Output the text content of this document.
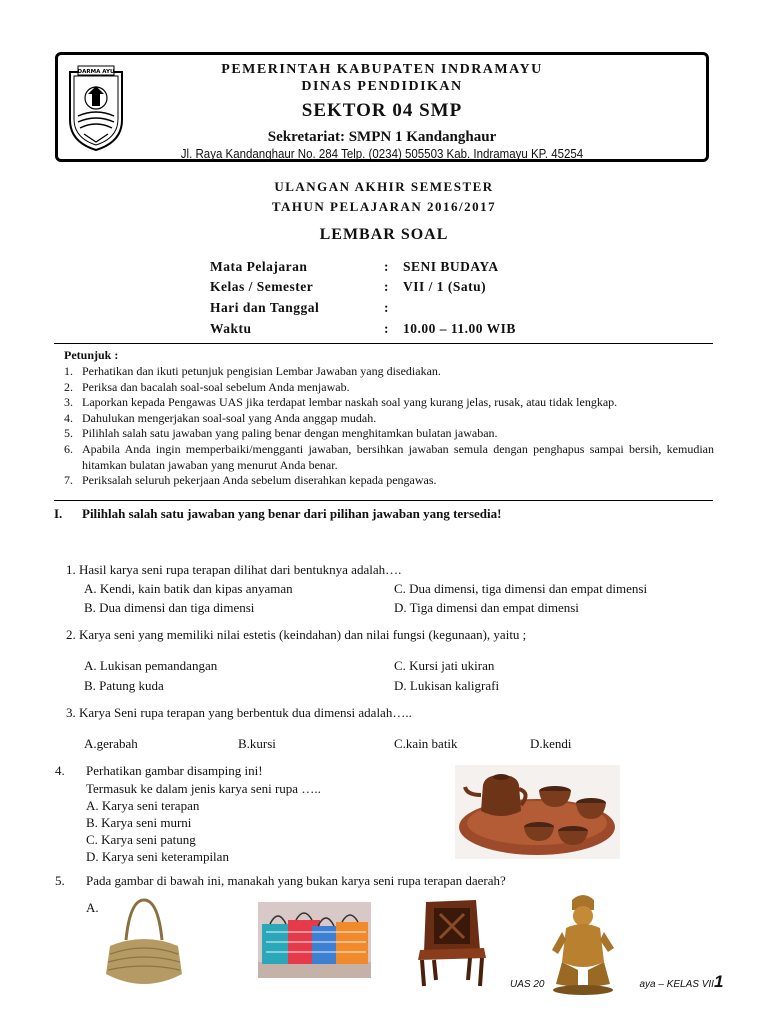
DARMA AYU	PEMERINTAH KABUPATEN INDRAMAYU
DINAS PENDIDIKAN
SEKTOR 04 SMP
Sekretariat: SMPN 1 Kandanghaur
Jl. Raya Kandanghaur No. 284 Telp. (0234) 505503 Kab. Indramayu KP. 45254
ULANGAN AKHIR SEMESTER
TAHUN PELAJARAN 2016/2017
LEMBAR SOAL
Mata Pelajaran	: SENI BUDAYA
Kelas / Semester	: VII / 1 (Satu)
Hari dan Tanggal	:
Waktu	: 10.00 – 11.00 WIB
Petunjuk :
1. Perhatikan dan ikuti petunjuk pengisian Lembar Jawaban yang disediakan.
2. Periksa dan bacalah soal-soal sebelum Anda menjawab.
3. Laporkan kepada Pengawas UAS jika terdapat lembar naskah soal yang kurang jelas, rusak, atau tidak lengkap.
4. Dahulukan mengerjakan soal-soal yang Anda anggap mudah.
5. Pilihlah salah satu jawaban yang paling benar dengan menghitamkan bulatan jawaban.
6. Apabila Anda ingin memperbaiki/mengganti jawaban, bersihkan jawaban semula dengan penghapus sampai bersih, kemudian hitamkan bulatan jawaban yang menurut Anda benar.
7. Periksalah seluruh pekerjaan Anda sebelum diserahkan kepada pengawas.
I. Pilihlah salah satu jawaban yang benar dari pilihan jawaban yang tersedia!
1. Hasil karya seni rupa terapan dilihat dari bentuknya adalah….
A. Kendi, kain batik dan kipas anyaman
B. Dua dimensi dan tiga dimensi
C. Dua dimensi, tiga dimensi dan empat dimensi
D. Tiga dimensi dan empat dimensi
2. Karya seni yang memiliki nilai estetis (keindahan) dan nilai fungsi (kegunaan), yaitu ;
A. Lukisan pemandangan
B. Patung kuda
C. Kursi jati ukiran
D. Lukisan kaligrafi
3. Karya Seni rupa terapan yang berbentuk dua dimensi adalah…..
A.gerabah	B.kursi	C.kain batik	D.kendi
4. Perhatikan gambar disamping ini!
Termasuk ke dalam jenis karya seni rupa …..
A. Karya seni terapan
B. Karya seni murni
C. Karya seni patung
D. Karya seni keterampilan
5. Pada gambar di bawah ini, manakah yang bukan karya seni rupa terapan daerah?
A.
UAS 20	aya – KELAS VII1
